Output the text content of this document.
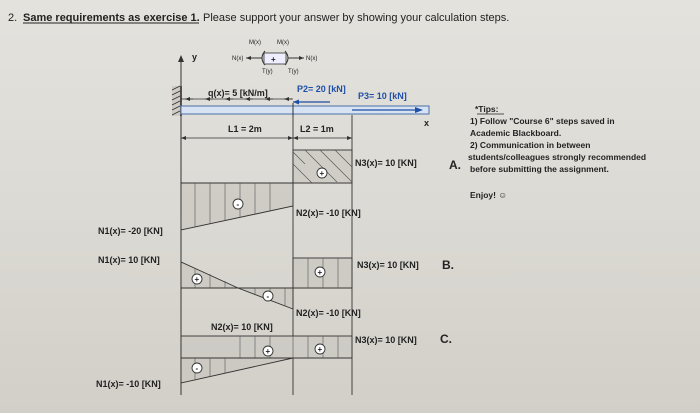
2. Same requirements as exercise 1. Please support your answer by showing your calculation steps.
M(x)	M(x)
N(x)	+	N(x)
T(y)	T(y)
y
q(x)= 5 [kN/m]	P2= 20 [kN]
P3= 10 [kN]
x
L1 = 2m	L2 = 1m
+
-
N3(x)= 10 [KN]	A.
N2(x)= -10 [KN]
N1(x)= -20 [KN]
+
-
+
N1(x)= 10 [KN]	N3(x)= 10 [KN] B.
N2(x)= -10 [KN]
+	+
-
N2(x)= 10 [KN]
N3(x)= 10 [KN] C.
N1(x)= -10 [KN]
*Tips:
1) Follow "Course 6" steps saved in
Academic Blackboard.
2) Communication in between
students/colleagues strongly recommended
before submitting the assignment.
Enjoy! ☺
